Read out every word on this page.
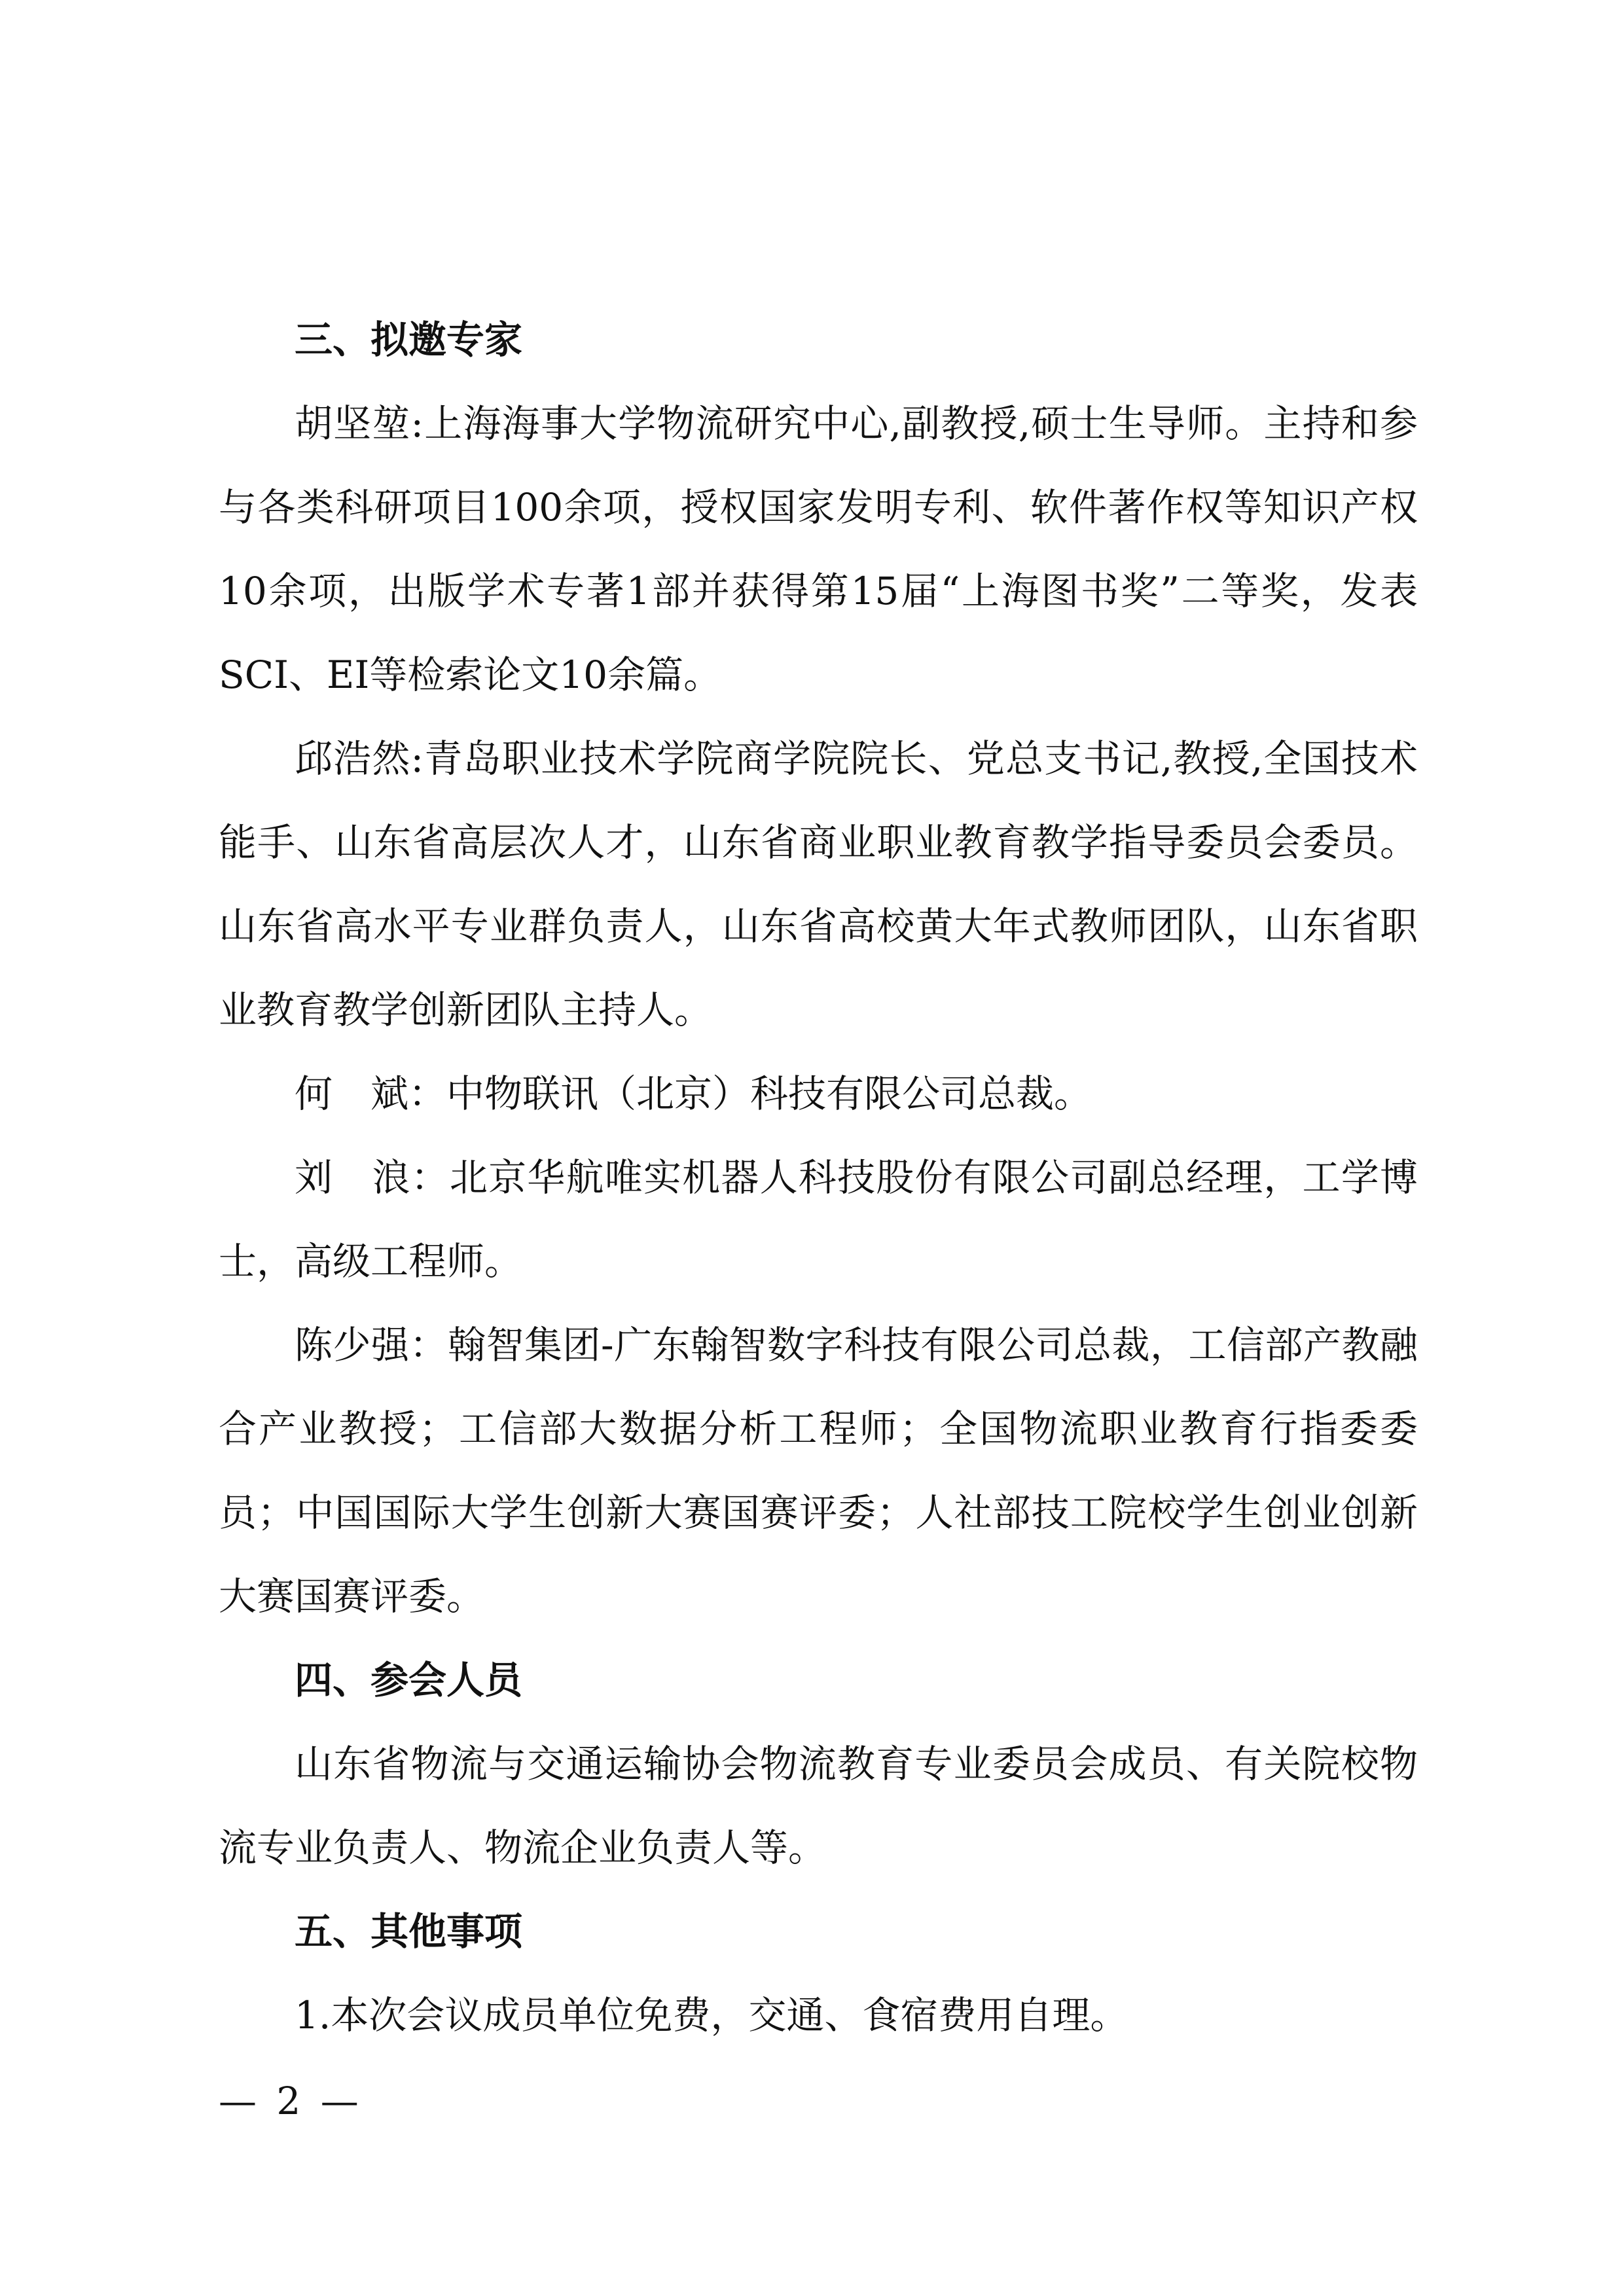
三、拟邀专家

胡坚堃:上海海事大学物流研究中心,副教授,硕士生导师。主持和参与各类科研项目100余项，授权国家发明专利、软件著作权等知识产权10余项，出版学术专著1部并获得第15届“上海图书奖”二等奖，发表SCI、EI等检索论文10余篇。

邱浩然:青岛职业技术学院商学院院长、党总支书记,教授,全国技术能手、山东省高层次人才，山东省商业职业教育教学指导委员会委员。山东省高水平专业群负责人，山东省高校黄大年式教师团队，山东省职业教育教学创新团队主持人。

何　斌：中物联讯（北京）科技有限公司总裁。

刘　浪：北京华航唯实机器人科技股份有限公司副总经理，工学博士，高级工程师。

陈少强：翰智集团-广东翰智数字科技有限公司总裁，工信部产教融合产业教授；工信部大数据分析工程师；全国物流职业教育行指委委员；中国国际大学生创新大赛国赛评委；人社部技工院校学生创业创新大赛国赛评委。

四、参会人员

山东省物流与交通运输协会物流教育专业委员会成员、有关院校物流专业负责人、物流企业负责人等。

五、其他事项

1.本次会议成员单位免费，交通、食宿费用自理。

— 2 —
